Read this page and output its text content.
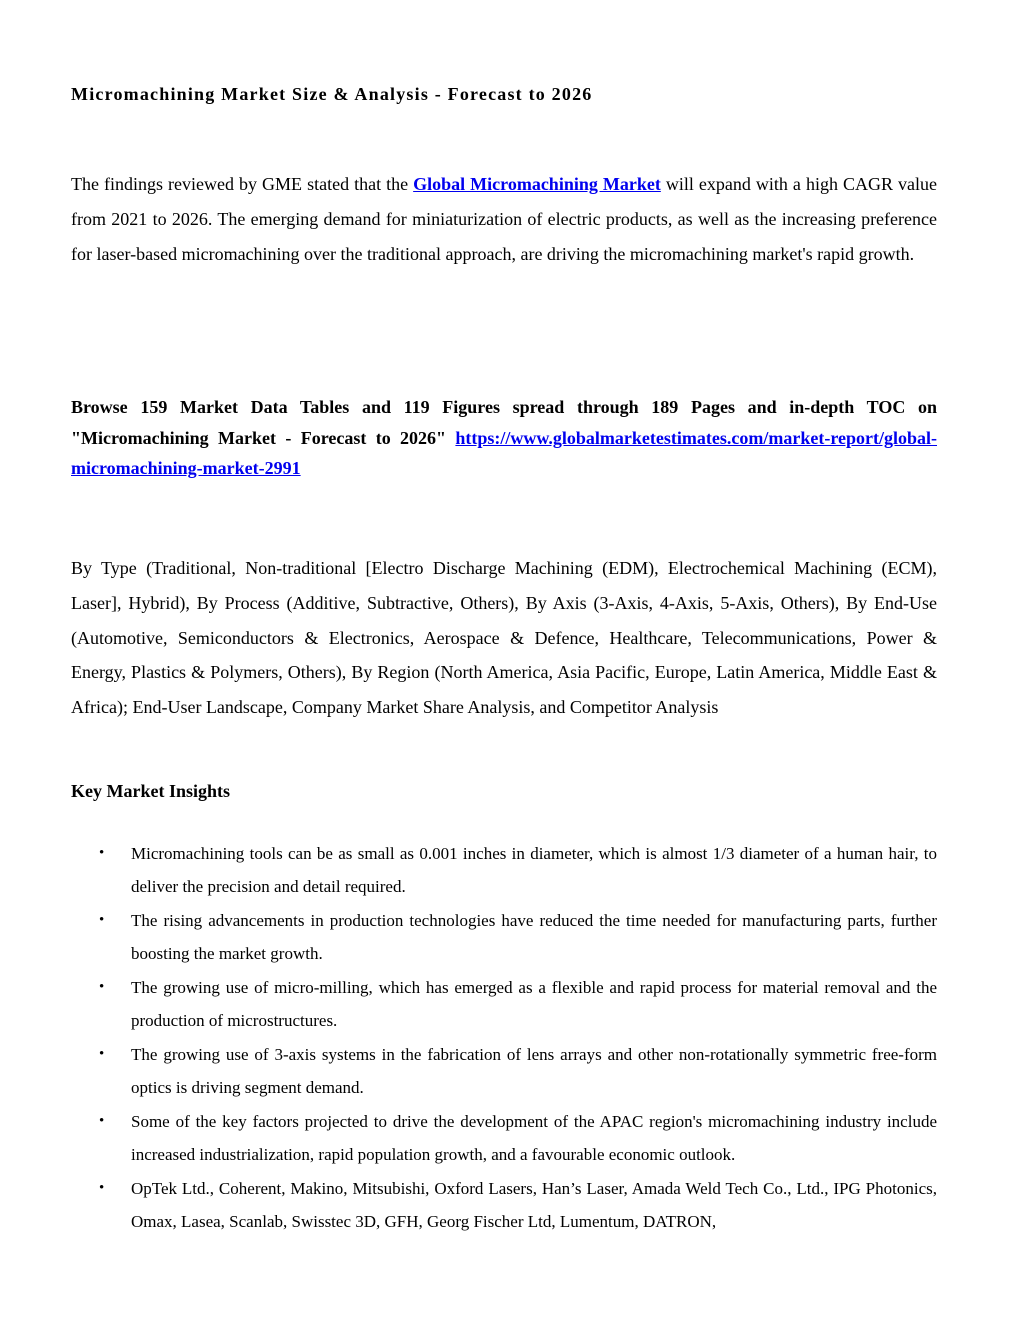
Micromachining Market Size & Analysis - Forecast to 2026

The findings reviewed by GME stated that the Global Micromachining Market will expand with a high CAGR value from 2021 to 2026. The emerging demand for miniaturization of electric products, as well as the increasing preference for laser-based micromachining over the traditional approach, are driving the micromachining market's rapid growth.

Browse 159 Market Data Tables and 119 Figures spread through 189 Pages and in-depth TOC on "Micromachining Market - Forecast to 2026" https://www.globalmarketestimates.com/market-report/global-micromachining-market-2991

By Type (Traditional, Non-traditional [Electro Discharge Machining (EDM), Electrochemical Machining (ECM), Laser], Hybrid), By Process (Additive, Subtractive, Others), By Axis (3-Axis, 4-Axis, 5-Axis, Others), By End-Use (Automotive, Semiconductors & Electronics, Aerospace & Defence, Healthcare, Telecommunications, Power & Energy, Plastics & Polymers, Others), By Region (North America, Asia Pacific, Europe, Latin America, Middle East & Africa); End-User Landscape, Company Market Share Analysis, and Competitor Analysis

Key Market Insights
• Micromachining tools can be as small as 0.001 inches in diameter, which is almost 1/3 diameter of a human hair, to deliver the precision and detail required.
• The rising advancements in production technologies have reduced the time needed for manufacturing parts, further boosting the market growth.
• The growing use of micro-milling, which has emerged as a flexible and rapid process for material removal and the production of microstructures.
• The growing use of 3-axis systems in the fabrication of lens arrays and other non-rotationally symmetric free-form optics is driving segment demand.
• Some of the key factors projected to drive the development of the APAC region's micromachining industry include increased industrialization, rapid population growth, and a favourable economic outlook.
• OpTek Ltd., Coherent, Makino, Mitsubishi, Oxford Lasers, Han’s Laser, Amada Weld Tech Co., Ltd., IPG Photonics, Omax, Lasea, Scanlab, Swisstec 3D, GFH, Georg Fischer Ltd, Lumentum, DATRON,
